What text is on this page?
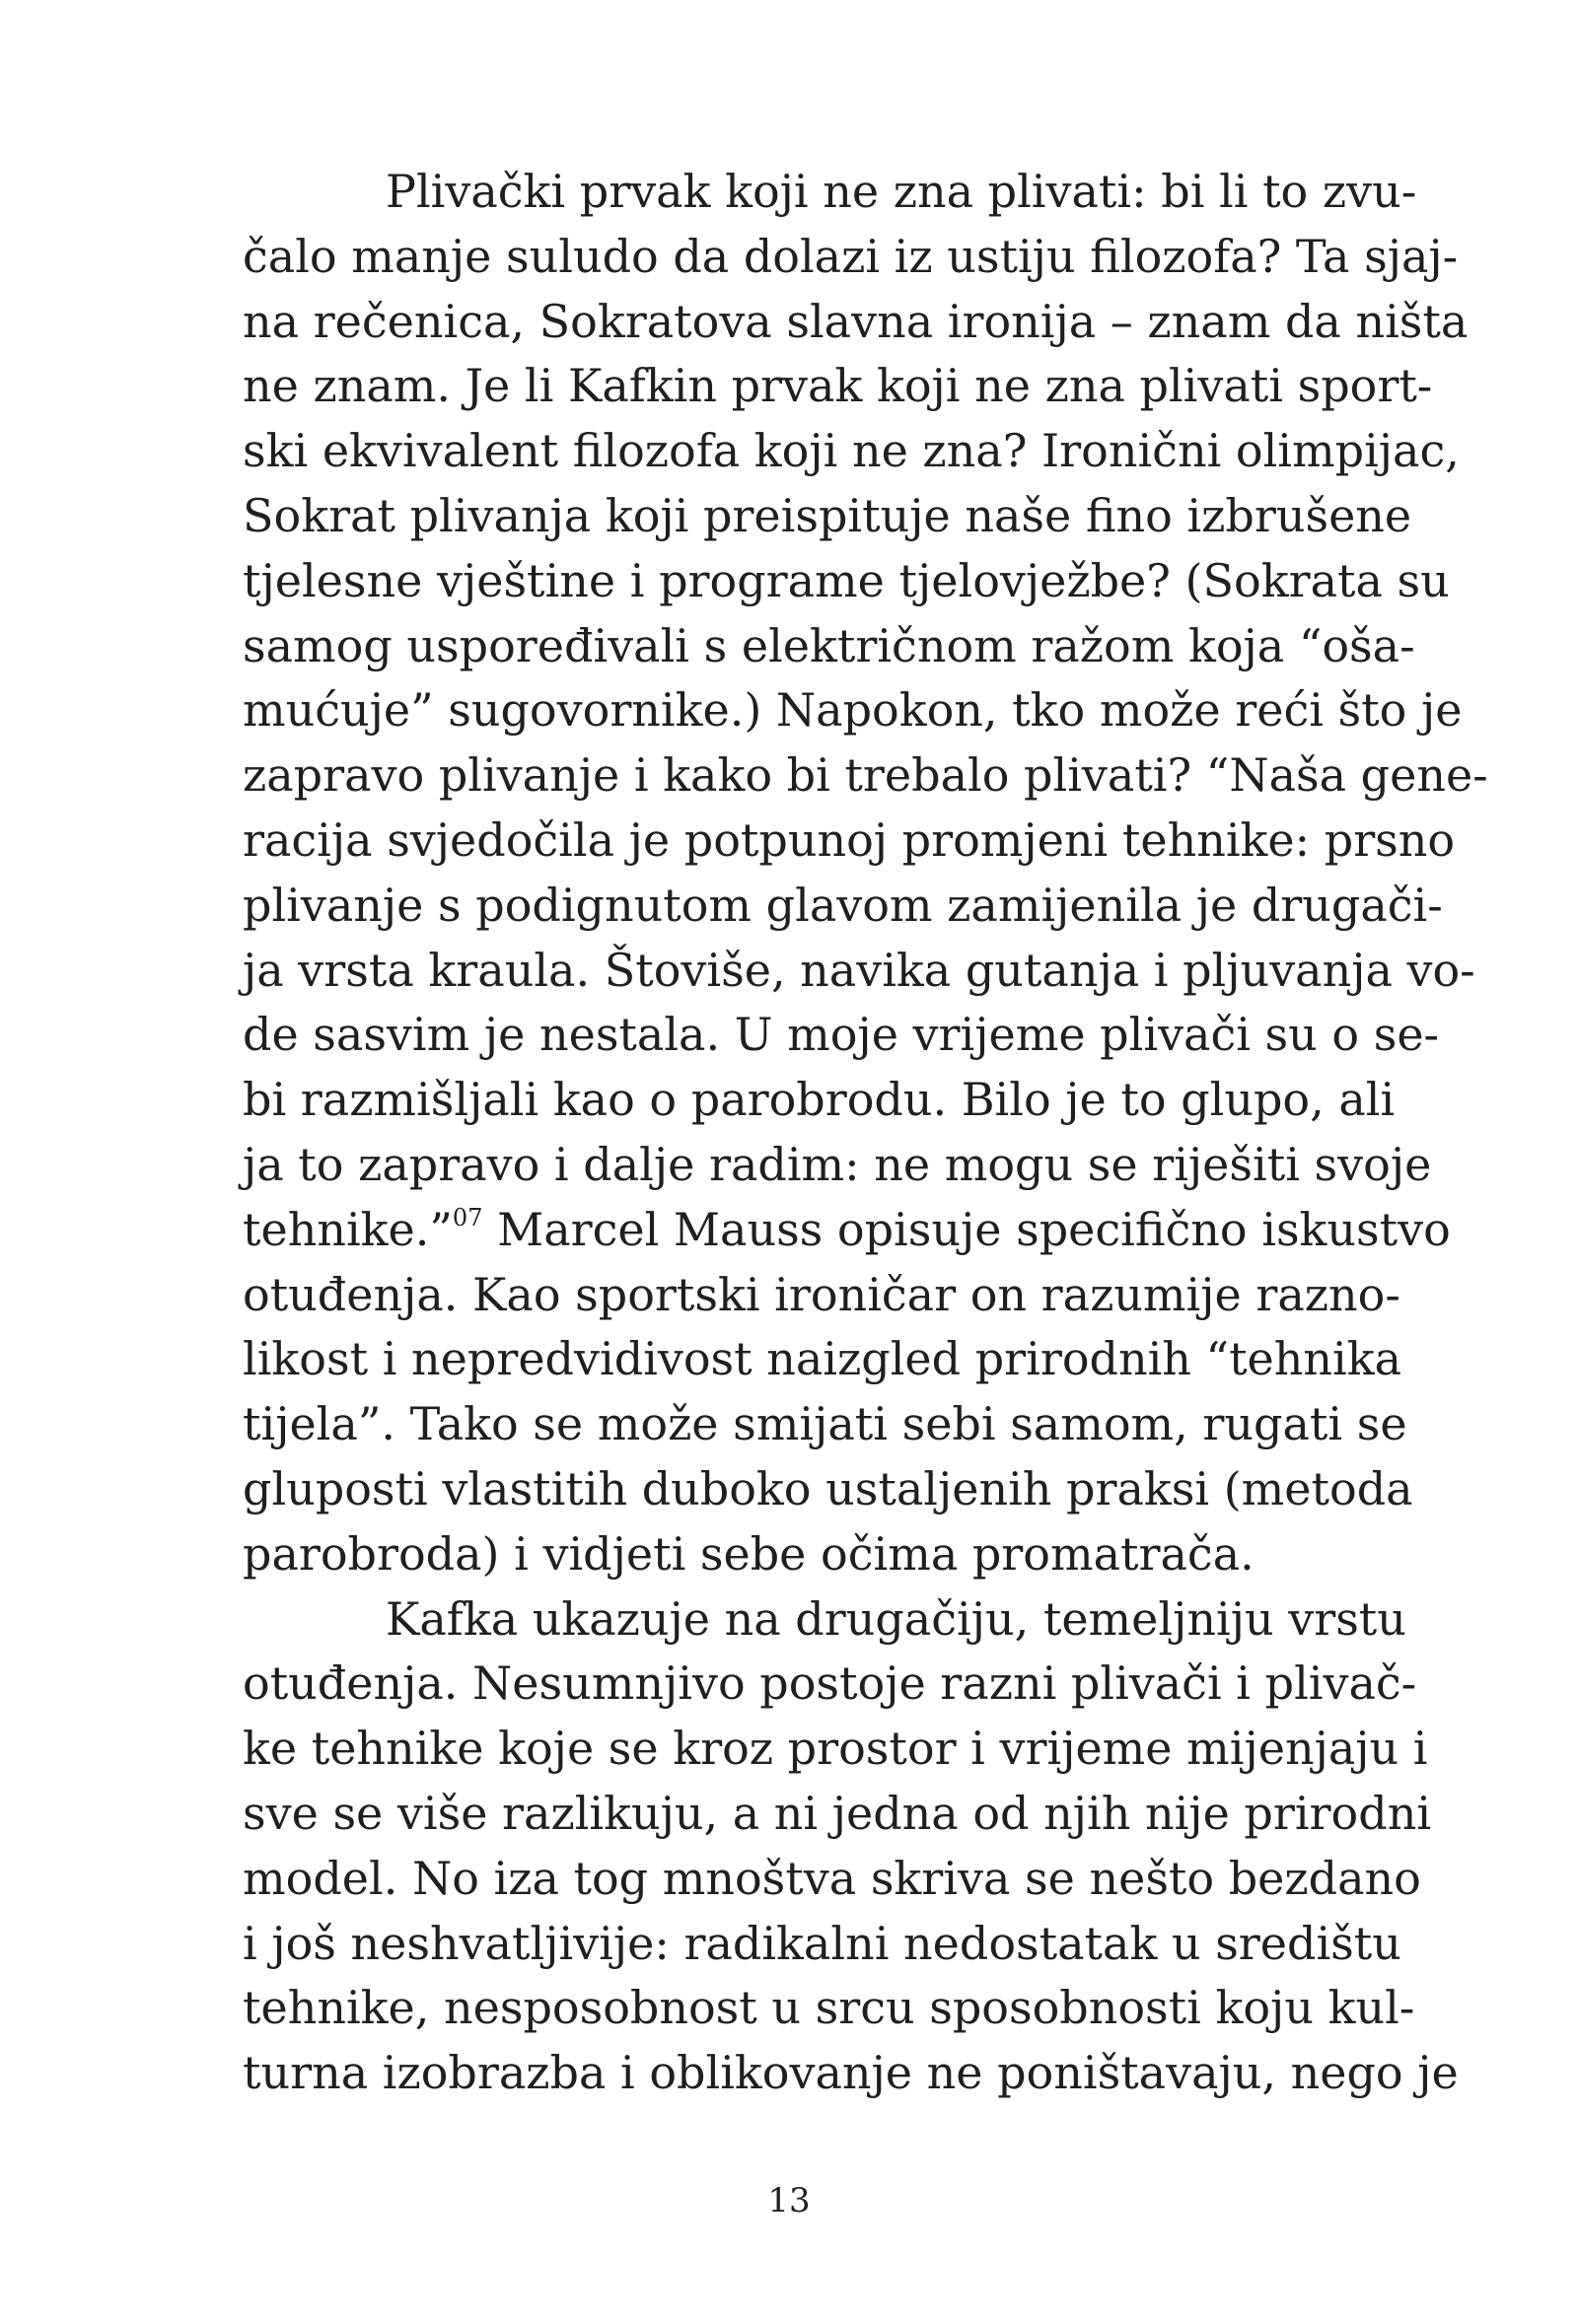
Plivački prvak koji ne zna plivati: bi li to zvu-
čalo manje suludo da dolazi iz ustiju filozofa? Ta sjaj-
na rečenica, Sokratova slavna ironija – znam da ništa
ne znam. Je li Kafkin prvak koji ne zna plivati sport-
ski ekvivalent filozofa koji ne zna? Ironični olimpijac,
Sokrat plivanja koji preispituje naše fino izbrušene
tjelesne vještine i programe tjelovježbe? (Sokrata su
samog uspoređivali s električnom ražom koja “oša-
mućuje” sugovornike.) Napokon, tko može reći što je
zapravo plivanje i kako bi trebalo plivati? “Naša gene-
racija svjedočila je potpunoj promjeni tehnike: prsno
plivanje s podignutom glavom zamijenila je drugači-
ja vrsta kraula. Štoviše, navika gutanja i pljuvanja vo-
de sasvim je nestala. U moje vrijeme plivači su o se-
bi razmišljali kao o parobrodu. Bilo je to glupo, ali
ja to zapravo i dalje radim: ne mogu se riješiti svoje
tehnike.”$^{07}$ Marcel Mauss opisuje specifično iskustvo
otuđenja. Kao sportski ironičar on razumije razno-
likost i nepredvidivost naizgled prirodnih “tehnika
tijela”. Tako se može smijati sebi samom, rugati se
gluposti vlastitih duboko ustaljenih praksi (metoda
parobroda) i vidjeti sebe očima promatrača.
Kafka ukazuje na drugačiju, temeljniju vrstu
otuđenja. Nesumnjivo postoje razni plivači i plivač-
ke tehnike koje se kroz prostor i vrijeme mijenjaju i
sve se više razlikuju, a ni jedna od njih nije prirodni
model. No iza tog mnoštva skriva se nešto bezdano
i još neshvatljivije: radikalni nedostatak u središtu
tehnike, nesposobnost u srcu sposobnosti koju kul-
turna izobrazba i oblikovanje ne poništavaju, nego je
13
